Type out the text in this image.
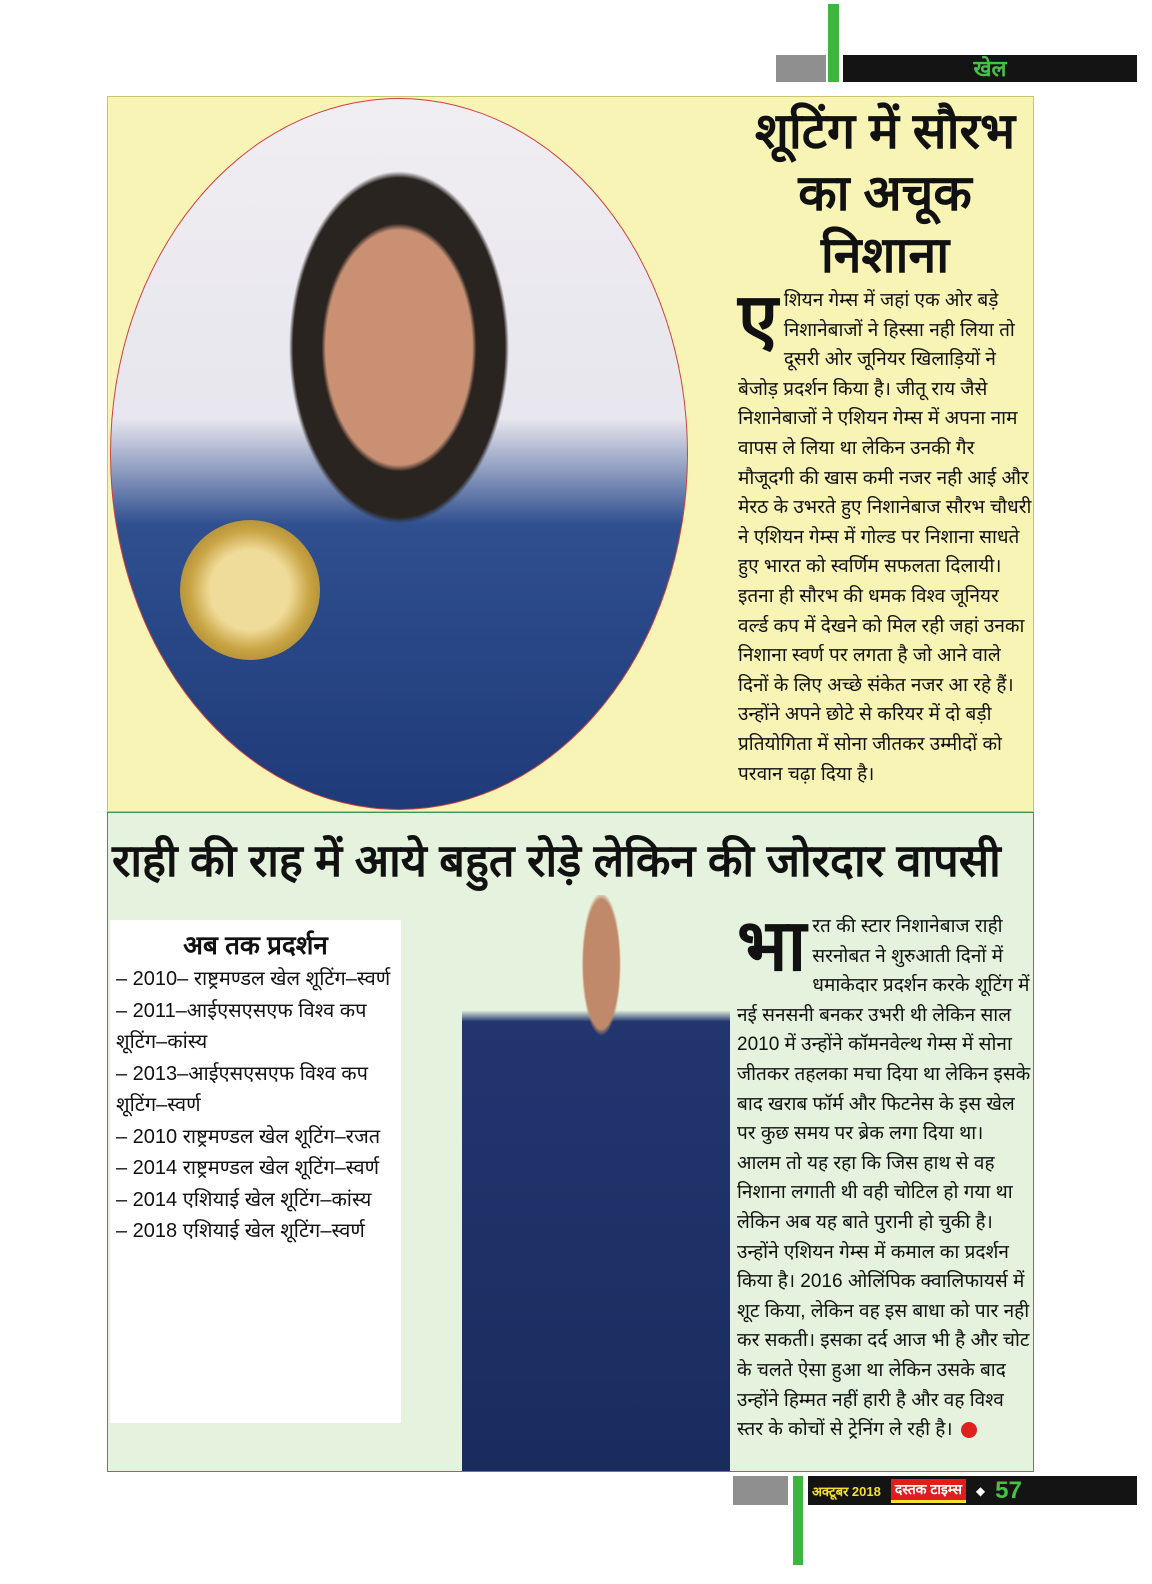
खेल
शूटिंग में सौरभ का अचूक निशाना
एशियन गेम्स में जहां एक ओर बड़े निशानेबाजों ने हिस्सा नही लिया तो दूसरी ओर जूनियर खिलाड़ियों ने बेजोड़ प्रदर्शन किया है। जीतू राय जैसे निशानेबाजों ने एशियन गेम्स में अपना नाम वापस ले लिया था लेकिन उनकी गैर मौजूदगी की खास कमी नजर नही आई और मेरठ के उभरते हुए निशानेबाज सौरभ चौधरी ने एशियन गेम्स में गोल्ड पर निशाना साधते हुए भारत को स्वर्णिम सफलता दिलायी। इतना ही सौरभ की धमक विश्व जूनियर वर्ल्ड कप में देखने को मिल रही जहां उनका निशाना स्वर्ण पर लगता है जो आने वाले दिनों के लिए अच्छे संकेत नजर आ रहे हैं। उन्होंने अपने छोटे से करियर में दो बड़ी प्रतियोगिता में सोना जीतकर उम्मीदों को परवान चढ़ा दिया है।
राही की राह में आये बहुत रोड़े लेकिन की जोरदार वापसी
अब तक प्रदर्शन
– 2010– राष्ट्रमण्डल खेल शूटिंग–स्वर्ण
– 2011–आईएसएसएफ विश्व कप शूटिंग–कांस्य
– 2013–आईएसएसएफ विश्व कप शूटिंग–स्वर्ण
– 2010 राष्ट्रमण्डल खेल शूटिंग–रजत
– 2014 राष्ट्रमण्डल खेल शूटिंग–स्वर्ण
– 2014 एशियाई खेल शूटिंग–कांस्य
– 2018 एशियाई खेल शूटिंग–स्वर्ण
भारत की स्टार निशानेबाज राही सरनोबत ने शुरुआती दिनों में धमाकेदार प्रदर्शन करके शूटिंग में नई सनसनी बनकर उभरी थी लेकिन साल 2010 में उन्होंने कॉमनवेल्थ गेम्स में सोना जीतकर तहलका मचा दिया था लेकिन इसके बाद खराब फॉर्म और फिटनेस के इस खेल पर कुछ समय पर ब्रेक लगा दिया था। आलम तो यह रहा कि जिस हाथ से वह निशाना लगाती थी वही चोटिल हो गया था लेकिन अब यह बाते पुरानी हो चुकी है। उन्होंने एशियन गेम्स में कमाल का प्रदर्शन किया है। 2016 ओलिंपिक क्वालिफायर्स में शूट किया, लेकिन वह इस बाधा को पार नही कर सकती। इसका दर्द आज भी है और चोट के चलते ऐसा हुआ था लेकिन उसके बाद उन्होंने हिम्मत नहीं हारी है और वह विश्व स्तर के कोचों से ट्रेनिंग ले रही है।
अक्टूबर 2018 दस्तक टाइम्स	◆ 57
